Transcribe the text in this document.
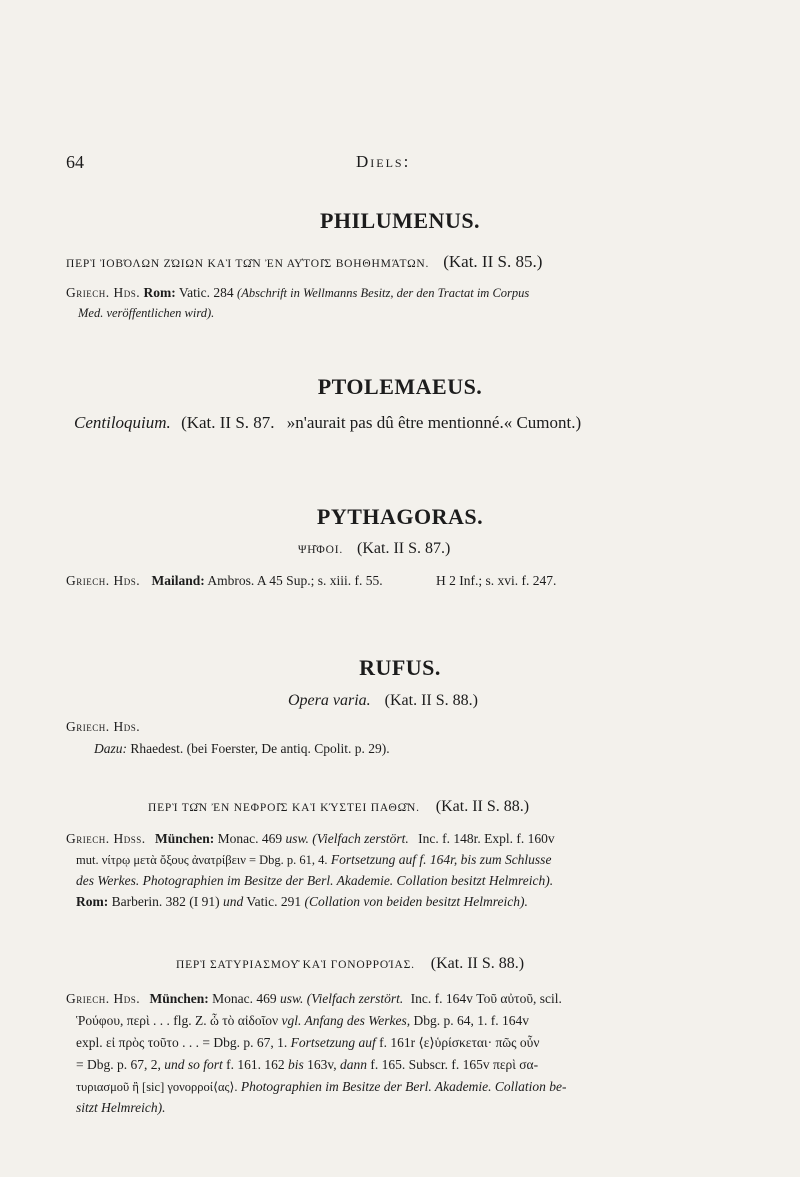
64	Diels:
PHILUMENUS.
ΠΕΡῚ ἸΟΒΌΛΩΝ ΖΏΙΩΝ ΚΑῚ ΤΩ͂Ν ἘΝ ΑΥ̓ΤΟΙ͂Σ ΒΟΗΘΗΜΆΤΩΝ. (Kat. II S. 85.)
Griech. Hds. Rom: Vatic. 284 (Abschrift in Wellmanns Besitz, der den Tractat im Corpus
Med. veröffentlichen wird).
PTOLEMAEUS.
Centiloquium. (Kat. II S. 87. »n'aurait pas dû être mentionné.« Cumont.)
PYTHAGORAS.
ΨΗ͂ΦΟΙ. (Kat. II S. 87.)
Griech. Hds. Mailand: Ambros. A 45 Sup.; s. xiii. f. 55.	H 2 Inf.; s. xvi. f. 247.
RUFUS.
Opera varia. (Kat. II S. 88.)
Griech. Hds.
Dazu: Rhaedest. (bei Foerster, De antiq. Cpolit. p. 29).
ΠΕΡῚ ΤΩ͂Ν ἘΝ ΝΕΦΡΟΙ͂Σ ΚΑῚ ΚΎΣΤΕΙ ΠΑΘΩ͂Ν. (Kat. II S. 88.)
Griech. Hdss. München: Monac. 469 usw. (Vielfach zerstört. Inc. f. 148r. Expl. f. 160v
mut. νίτρῳ μετὰ ὄξους ἀνατρίβειν = Dbg. p. 61, 4. Fortsetzung auf f. 164r, bis zum Schlusse
des Werkes. Photographien im Besitze der Berl. Akademie. Collation besitzt Helmreich).
Rom: Barberin. 382 (I 91) und Vatic. 291 (Collation von beiden besitzt Helmreich).
ΠΕΡῚ ΣΑΤΥΡΙΑΣΜΟΥ͂ ΚΑῚ ΓΟΝΟΡΡΟΊΑΣ. (Kat. II S. 88.)
Griech. Hds. München: Monac. 469 usw. (Vielfach zerstört. Inc. f. 164v Τοῦ αὐτοῦ, scil.
Ῥούφου, περὶ . . . flg. Z. ὦ τὸ αἰδοῖον vgl. Anfang des Werkes, Dbg. p. 64, 1. f. 164v
expl. εἰ πρὸς τοῦτο . . . = Dbg. p. 67, 1. Fortsetzung auf f. 161r ⟨ε⟩ὑρίσκεται· πῶς οὖν
= Dbg. p. 67, 2, und so fort f. 161. 162 bis 163v, dann f. 165. Subscr. f. 165v περὶ σα-
τυριασμοῦ ἢ [sic] γονορροί⟨ας⟩. Photographien im Besitze der Berl. Akademie. Collation be-
sitzt Helmreich).
